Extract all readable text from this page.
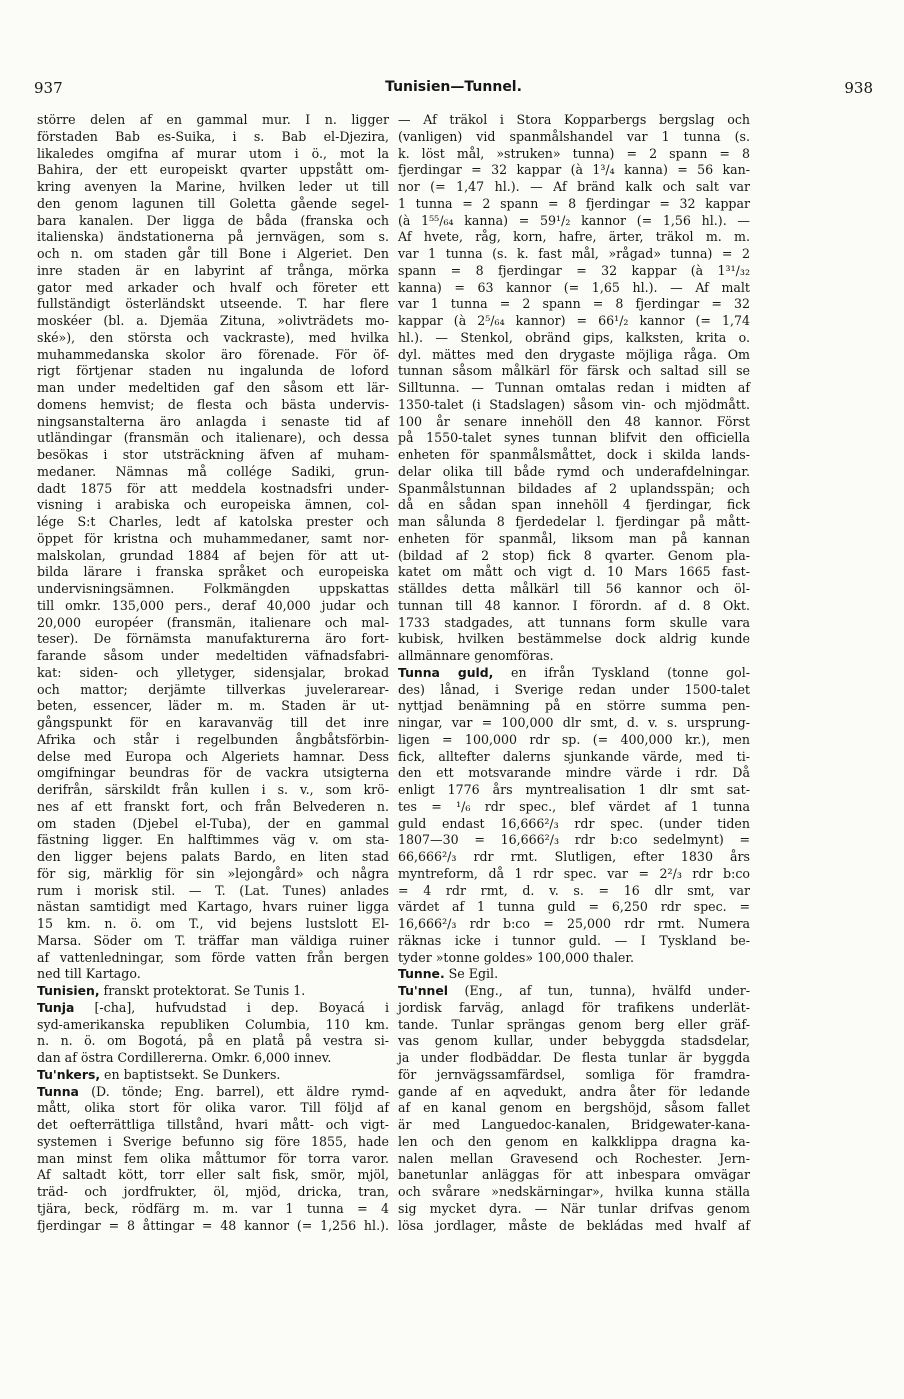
937	Tunisien—Tunnel.	938
större delen af en gammal mur. I n. ligger
förstaden Bab es-Suika, i s. Bab el-Djezira,
likaledes omgifna af murar utom i ö., mot la
Bahira, der ett europeiskt qvarter uppstått om-
kring avenyen la Marine, hvilken leder ut till
den genom lagunen till Goletta gående segel-
bara kanalen. Der ligga de båda (franska och
italienska) ändstationerna på jernvägen, som s.
och n. om staden går till Bone i Algeriet. Den
inre staden är en labyrint af trånga, mörka
gator med arkader och hvalf och företer ett
fullständigt österländskt utseende. T. har flere
moskéer (bl. a. Djemäa Zituna, »olivträdets mo-
ské»), den största och vackraste), med hvilka
muhammedanska skolor äro förenade. För öf-
rigt förtjenar staden nu ingalunda de loford
man under medeltiden gaf den såsom ett lär-
domens hemvist; de flesta och bästa undervis-
ningsanstalterna äro anlagda i senaste tid af
utländingar (fransmän och italienare), och dessa
besökas i stor utsträckning äfven af muham-
medaner. Nämnas må collége Sadiki, grun-
dadt 1875 för att meddela kostnadsfri under-
visning i arabiska och europeiska ämnen, col-
lége S:t Charles, ledt af katolska prester och
öppet för kristna och muhammedaner, samt nor-
malskolan, grundad 1884 af bejen för att ut-
bilda lärare i franska språket och europeiska
undervisningsämnen. Folkmängden uppskattas
till omkr. 135,000 pers., deraf 40,000 judar och
20,000 européer (fransmän, italienare och mal-
teser). De förnämsta manufakturerna äro fort-
farande såsom under medeltiden väfnadsfabri-
kat: siden- och ylletyger, sidensjalar, brokad
och mattor; derjämte tillverkas juvelerarear-
beten, essencer, läder m. m. Staden är ut-
gångspunkt för en karavanväg till det inre
Afrika och står i regelbunden ångbåtsförbin-
delse med Europa och Algeriets hamnar. Dess
omgifningar beundras för de vackra utsigterna
derifrån, särskildt från kullen i s. v., som krö-
nes af ett franskt fort, och från Belvederen n.
om staden (Djebel el-Tuba), der en gammal
fästning ligger. En halftimmes väg v. om sta-
den ligger bejens palats Bardo, en liten stad
för sig, märklig för sin »lejongård» och några
rum i morisk stil. — T. (Lat. Tunes) anlades
nästan samtidigt med Kartago, hvars ruiner ligga
15 km. n. ö. om T., vid bejens lustslott El-
Marsa. Söder om T. träffar man väldiga ruiner
af vattenledningar, som förde vatten från bergen
ned till Kartago.
Tunisien, franskt protektorat. Se Tunis 1.
Tunja [-cha], hufvudstad i dep. Boyacá i
syd-amerikanska republiken Columbia, 110 km.
n. n. ö. om Bogotá, på en platå på vestra si-
dan af östra Cordillererna. Omkr. 6,000 innev.
Tu'nkers, en baptistsekt. Se Dunkers.
Tunna (D. tönde; Eng. barrel), ett äldre rymd-
mått, olika stort för olika varor. Till följd af
det oefterrättliga tillstånd, hvari mått- och vigt-
systemen i Sverige befunno sig före 1855, hade
man minst fem olika måttumor för torra varor.
Af saltadt kött, torr eller salt fisk, smör, mjöl,
träd- och jordfrukter, öl, mjöd, dricka, tran,
tjära, beck, rödfärg m. m. var 1 tunna = 4
fjerdingar = 8 åttingar = 48 kannor (= 1,256 hl.).
— Af träkol i Stora Kopparbergs bergslag och
(vanligen) vid spanmålshandel var 1 tunna (s.
k. löst mål, »struken» tunna) = 2 spann = 8
fjerdingar = 32 kappar (à 1³/₄ kanna) = 56 kan-
nor (= 1,47 hl.). — Af bränd kalk och salt var
1 tunna = 2 spann = 8 fjerdingar = 32 kappar
(à 1⁵⁵/₆₄ kanna) = 59¹/₂ kannor (= 1,56 hl.). —
Af hvete, råg, korn, hafre, ärter, träkol m. m.
var 1 tunna (s. k. fast mål, »rågad» tunna) = 2
spann = 8 fjerdingar = 32 kappar (à 1³¹/₃₂
kanna) = 63 kannor (= 1,65 hl.). — Af malt
var 1 tunna = 2 spann = 8 fjerdingar = 32
kappar (à 2⁵/₆₄ kannor) = 66¹/₂ kannor (= 1,74
hl.). — Stenkol, obränd gips, kalksten, krita o.
dyl. mättes med den drygaste möjliga råga. Om
tunnan såsom målkärl för färsk och saltad sill se
Silltunna. — Tunnan omtalas redan i midten af
1350-talet (i Stadslagen) såsom vin- och mjödmått.
100 år senare innehöll den 48 kannor. Först
på 1550-talet synes tunnan blifvit den officiella
enheten för spanmålsmåttet, dock i skilda lands-
delar olika till både rymd och underafdelningar.
Spanmålstunnan bildades af 2 uplandsspän; och
då en sådan span innehöll 4 fjerdingar, fick
man sålunda 8 fjerdedelar l. fjerdingar på mått-
enheten för spanmål, liksom man på kannan
(bildad af 2 stop) fick 8 qvarter. Genom pla-
katet om mått och vigt d. 10 Mars 1665 fast-
ställdes detta målkärl till 56 kannor och öl-
tunnan till 48 kannor. I förordn. af d. 8 Okt.
1733 stadgades, att tunnans form skulle vara
kubisk, hvilken bestämmelse dock aldrig kunde
allmännare genomföras.
Tunna guld, en ifrån Tyskland (tonne gol-
des) lånad, i Sverige redan under 1500-talet
nyttjad benämning på en större summa pen-
ningar, var = 100,000 dlr smt, d. v. s. ursprung-
ligen = 100,000 rdr sp. (= 400,000 kr.), men
fick, alltefter dalerns sjunkande värde, med ti-
den ett motsvarande mindre värde i rdr. Då
enligt 1776 års myntrealisation 1 dlr smt sat-
tes = ¹/₆ rdr spec., blef värdet af 1 tunna
guld endast 16,666²/₃ rdr spec. (under tiden
1807—30 = 16,666²/₃ rdr b:co sedelmynt) =
66,666²/₃ rdr rmt. Slutligen, efter 1830 års
myntreform, då 1 rdr spec. var = 2²/₃ rdr b:co
= 4 rdr rmt, d. v. s. = 16 dlr smt, var
värdet af 1 tunna guld = 6,250 rdr spec. =
16,666²/₃ rdr b:co = 25,000 rdr rmt. Numera
räknas icke i tunnor guld. — I Tyskland be-
tyder »tonne goldes» 100,000 thaler.
Tunne. Se Egil.
Tu'nnel (Eng., af tun, tunna), hvälfd under-
jordisk farväg, anlagd för trafikens underlät-
tande. Tunlar sprängas genom berg eller gräf-
vas genom kullar, under bebyggda stadsdelar,
ja under flodbäddar. De flesta tunlar är byggda
för jernvägssamfärdsel, somliga för framdra-
gande af en aqvedukt, andra åter för ledande
af en kanal genom en bergshöjd, såsom fallet
är med Languedoc-kanalen, Bridgewater-kana-
len och den genom en kalkklippa dragna ka-
nalen mellan Gravesend och Rochester. Jern-
banetunlar anläggas för att inbespara omvägar
och svårare »nedskärningar», hvilka kunna ställa
sig mycket dyra. — När tunlar drifvas genom
lösa jordlager, måste de bekládas med hvalf af
